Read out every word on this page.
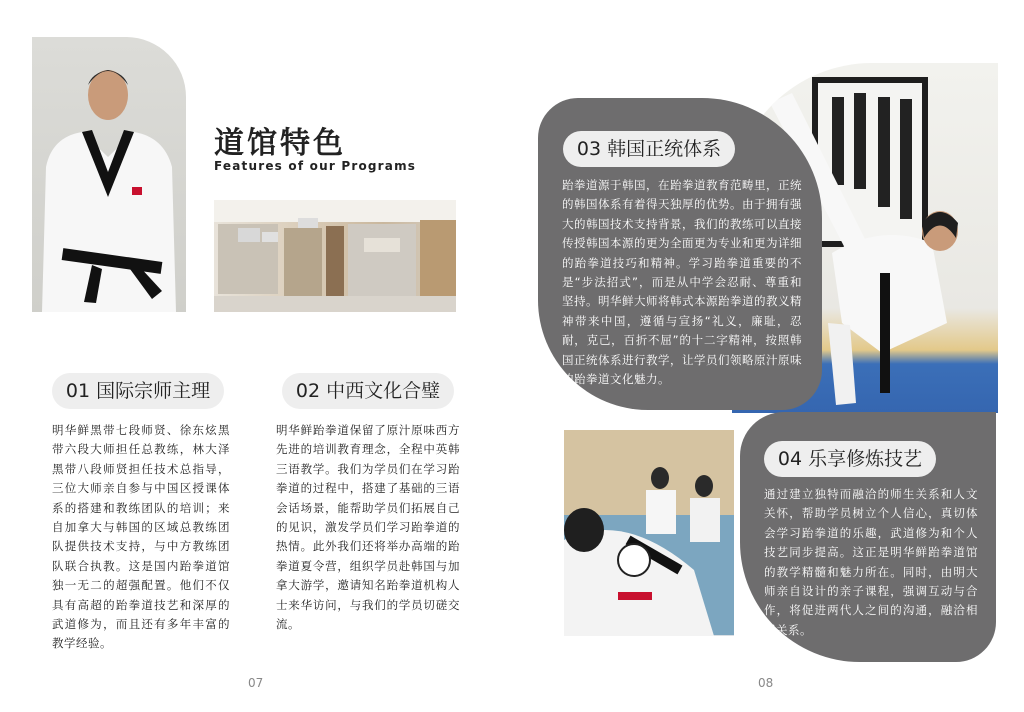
道馆特色
Features of our Programs
01 国际宗师主理
明华鲜黑带七段师贤、徐东炫黑带六段大师担任总教练，林大泽黑带八段师贤担任技术总指导，三位大师亲自参与中国区授课体系的搭建和教练团队的培训；来自加拿大与韩国的区域总教练团队提供技术支持，与中方教练团队联合执教。这是国内跆拳道馆独一无二的超强配置。他们不仅具有高超的跆拳道技艺和深厚的武道修为，而且还有多年丰富的教学经验。
02 中西文化合璧
明华鲜跆拳道保留了原汁原味西方先进的培训教育理念，全程中英韩三语教学。我们为学员们在学习跆拳道的过程中，搭建了基础的三语会话场景，能帮助学员们拓展自己的见识，激发学员们学习跆拳道的热情。此外我们还将举办高端的跆拳道夏令营，组织学员赴韩国与加拿大游学，邀请知名跆拳道机构人士来华访问，与我们的学员切磋交流。
07
03 韩国正统体系
跆拳道源于韩国，在跆拳道教育范畴里，正统的韩国体系有着得天独厚的优势。由于拥有强大的韩国技术支持背景，我们的教练可以直接传授韩国本源的更为全面更为专业和更为详细的跆拳道技巧和精神。学习跆拳道重要的不是“步法招式”，而是从中学会忍耐、尊重和坚持。明华鲜大师将韩式本源跆拳道的教义精神带来中国，遵循与宣扬“礼义，廉耻，忍耐，克己，百折不屈”的十二字精神，按照韩国正统体系进行教学，让学员们领略原汁原味的跆拳道文化魅力。
04 乐享修炼技艺
通过建立独特而融洽的师生关系和人文关怀，帮助学员树立个人信心，真切体会学习跆拳道的乐趣，武道修为和个人技艺同步提高。这正是明华鲜跆拳道馆的教学精髓和魅力所在。同时，由明大师亲自设计的亲子课程，强调互动与合作，将促进两代人之间的沟通，融洽相互关系。
08
